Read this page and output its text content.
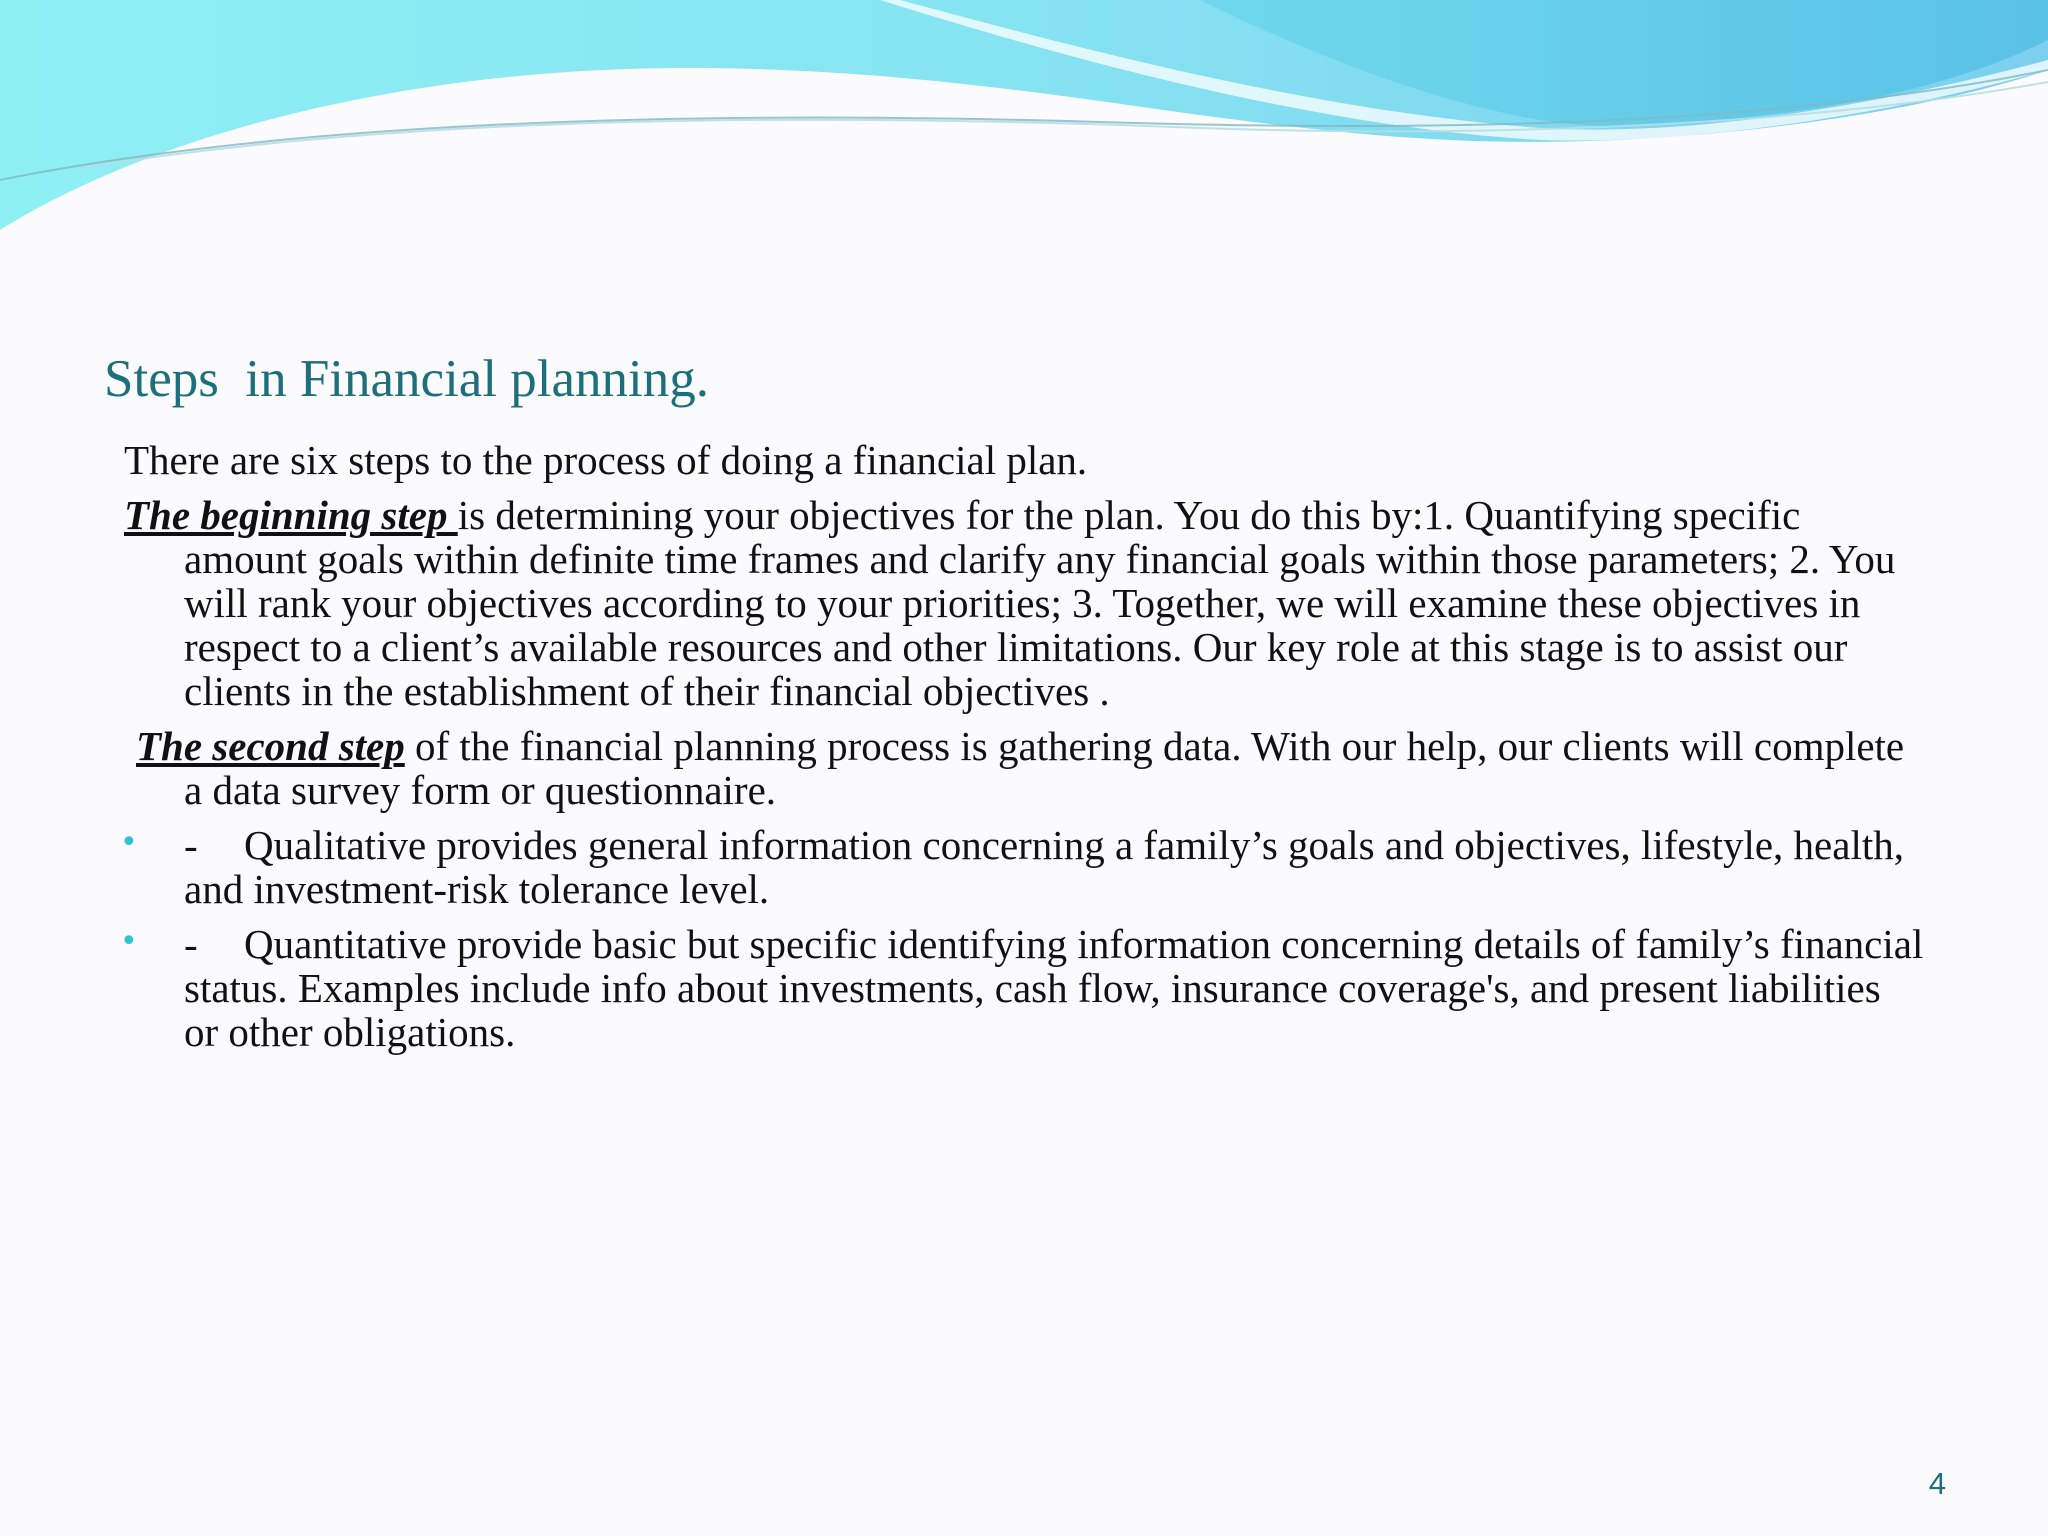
Steps  in Financial planning.

There are six steps to the process of doing a financial plan.

The beginning step is determining your objectives for the plan. You do this by:1. Quantifying specific amount goals within definite time frames and clarify any financial goals within those parameters; 2. You will rank your objectives according to your priorities; 3. Together, we will examine these objectives in respect to a client’s available resources and other limitations. Our key role at this stage is to assist our clients in the establishment of their financial objectives .

The second step of the financial planning process is gathering data. With our help, our clients will complete a data survey form or questionnaire.

• - Qualitative provides general information concerning a family’s goals and objectives, lifestyle, health, and investment-risk tolerance level.
• - Quantitative provide basic but specific identifying information concerning details of family’s financial status. Examples include info about investments, cash flow, insurance coverage's, and present liabilities or other obligations.
4
